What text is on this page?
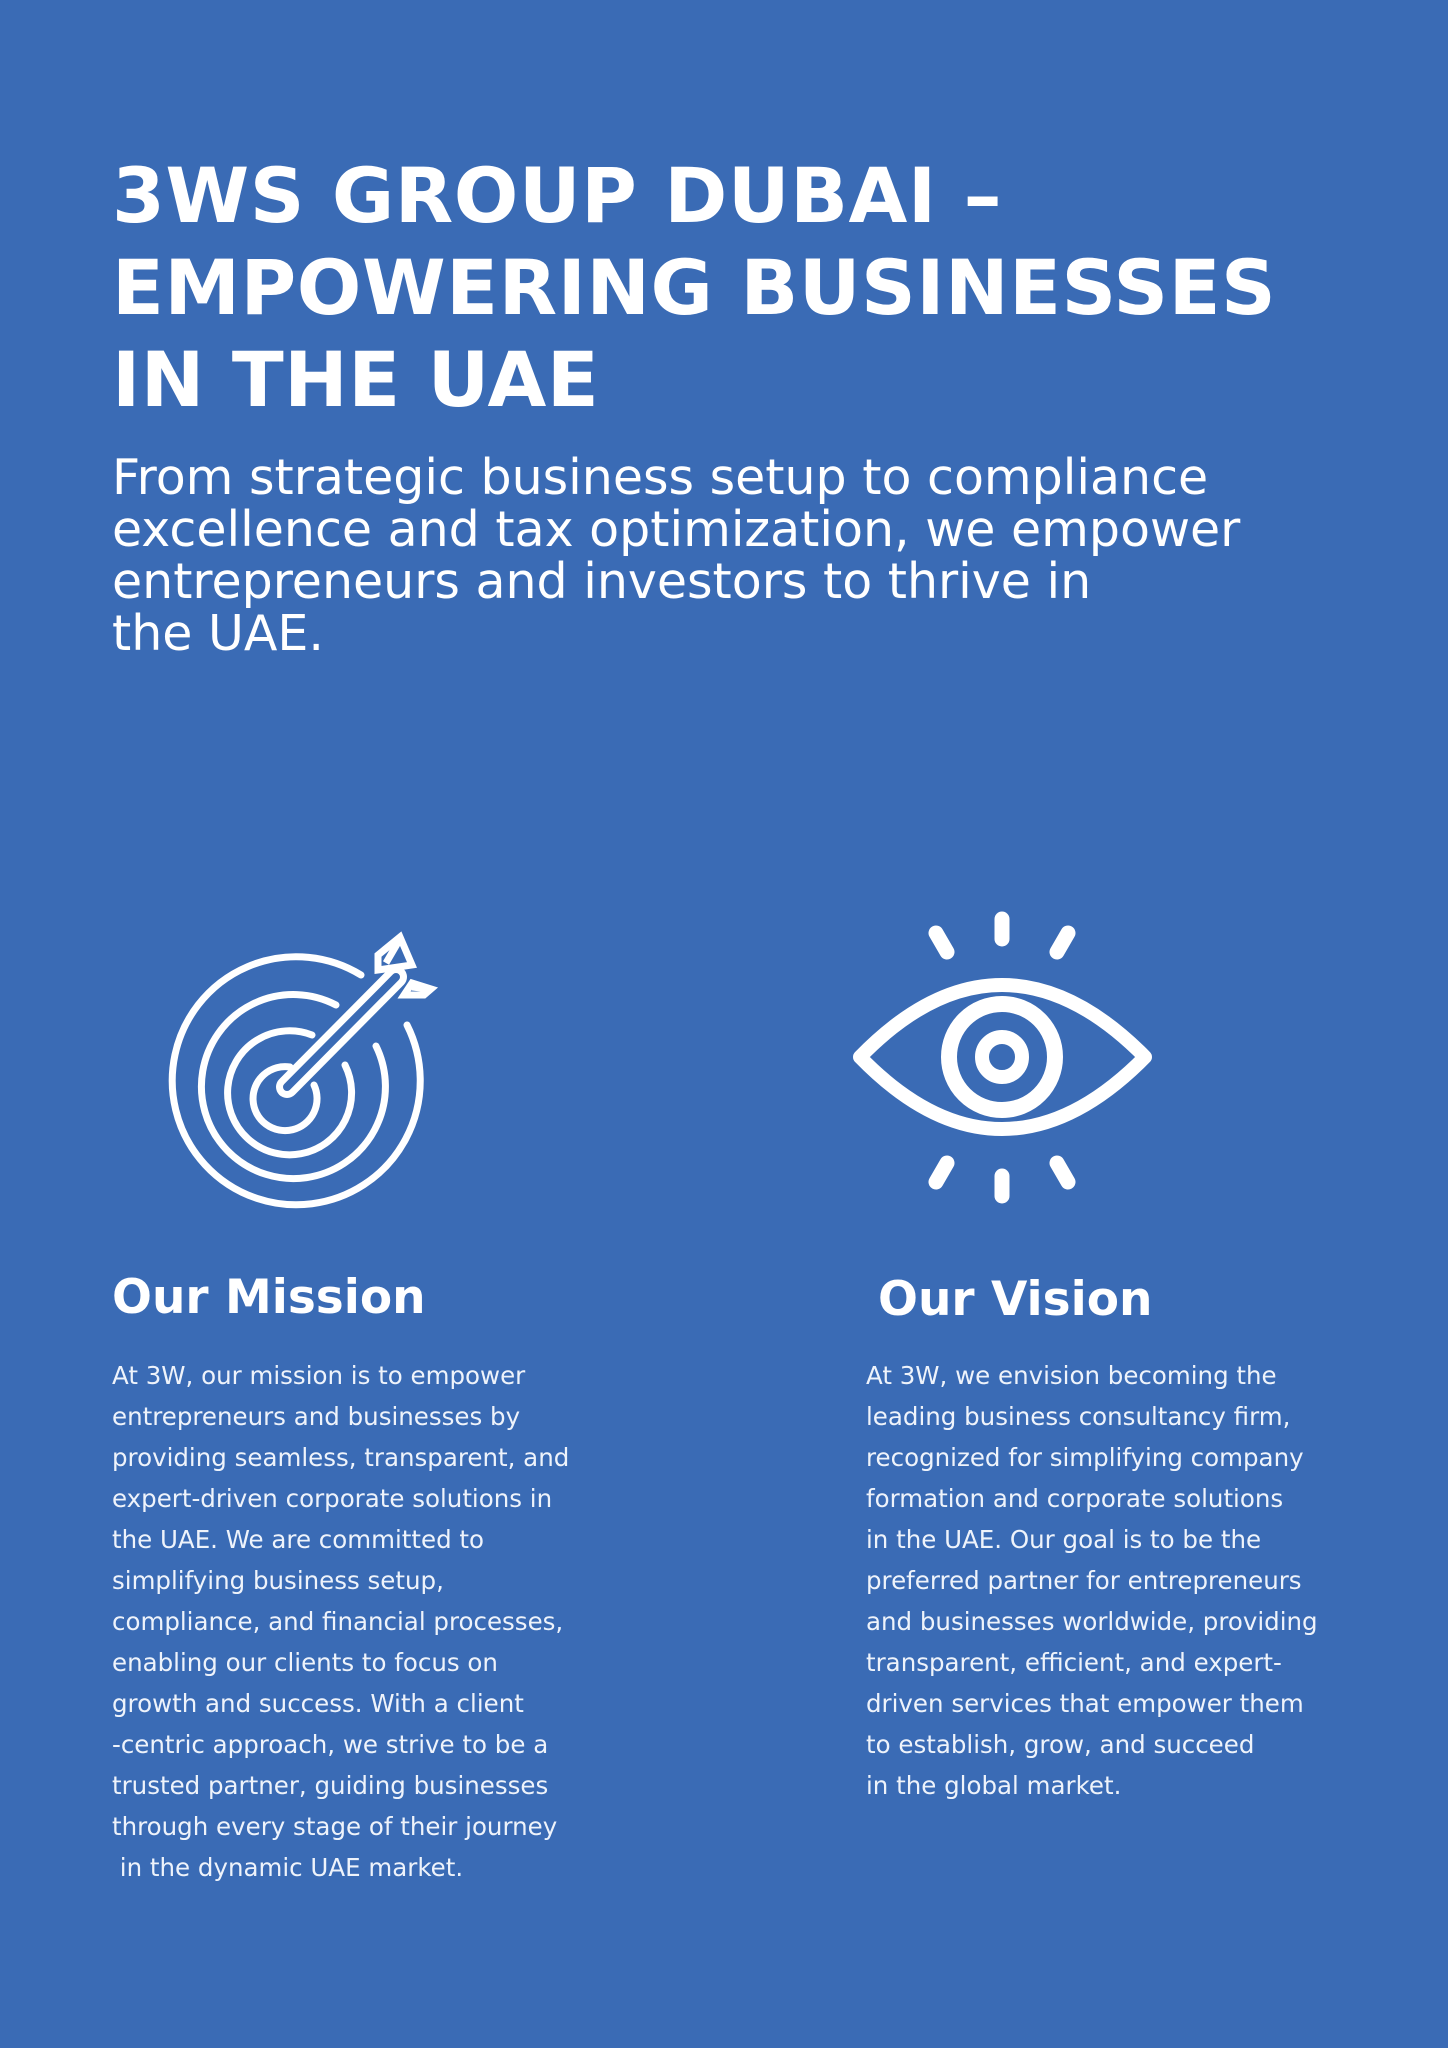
3WS GROUP DUBAI –
EMPOWERING BUSINESSES
IN THE UAE

From strategic business setup to compliance
excellence and tax optimization, we empower
entrepreneurs and investors to thrive in
the UAE.

Our Mission
At 3W, our mission is to empower
entrepreneurs and businesses by
providing seamless, transparent, and
expert-driven corporate solutions in
the UAE. We are committed to
simplifying business setup,
compliance, and financial processes,
enabling our clients to focus on
growth and success. With a client
-centric approach, we strive to be a
trusted partner, guiding businesses
through every stage of their journey
in the dynamic UAE market.
Our Vision
At 3W, we envision becoming the
leading business consultancy firm,
recognized for simplifying company
formation and corporate solutions
in the UAE. Our goal is to be the
preferred partner for entrepreneurs
and businesses worldwide, providing
transparent, efficient, and expert-
driven services that empower them
to establish, grow, and succeed
in the global market.
